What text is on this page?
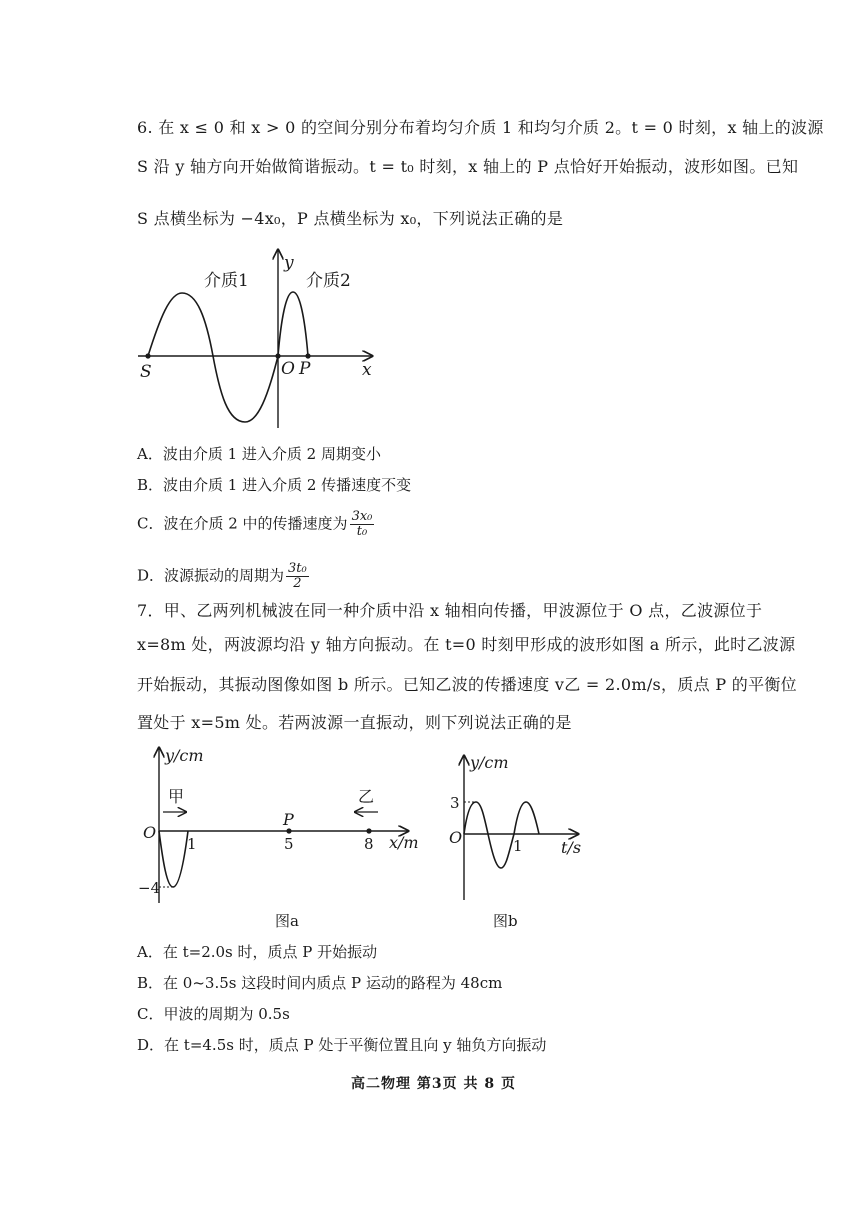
6. 在 x ≤ 0 和 x > 0 的空间分别分布着均匀介质 1 和均匀介质 2。t = 0 时刻，x 轴上的波源
S 沿 y 轴方向开始做简谐振动。t = t₀ 时刻，x 轴上的 P 点恰好开始振动，波形如图。已知
S 点横坐标为 −4x₀，P 点横坐标为 x₀，下列说法正确的是
介质1	介质2
y
x
S	O P
A．波由介质 1 进入介质 2 周期变小
B．波由介质 1 进入介质 2 传播速度不变
C．波在介质 2 中的传播速度为 $\frac{\text{3x₀}}{\text{t₀}}$
D．波源振动的周期为 $\frac{\text{3t₀}}{2}$
7．甲、乙两列机械波在同一种介质中沿 x 轴相向传播，甲波源位于 O 点，乙波源位于
x=8m 处，两波源均沿 y 轴方向振动。在 t=0 时刻甲形成的波形如图 a 所示，此时乙波源
开始振动，其振动图像如图 b 所示。已知乙波的传播速度 v乙 = 2.0m/s，质点 P 的平衡位
置处于 x=5m 处。若两波源一直振动，则下列说法正确的是
y/cm
x/m
O
甲	乙
P
1	5	8
−4
y/cm
t/s
O
3
1
图a	图b
A．在 t=2.0s 时，质点 P 开始振动
B．在 0~3.5s 这段时间内质点 P 运动的路程为 48cm
C．甲波的周期为 0.5s
D．在 t=4.5s 时，质点 P 处于平衡位置且向 y 轴负方向振动
高二物理 第3页 共 8 页
